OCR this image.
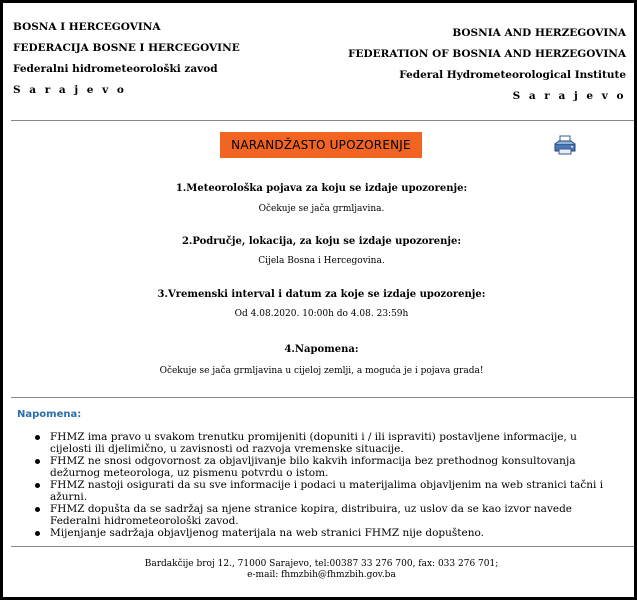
BOSNA I HERCEGOVINA
FEDERACIJA BOSNE I HERCEGOVINE
Federalni hidrometeorološki zavod
S a r a j e v o
BOSNIA AND HERZEGOVINA
FEDERATION OF BOSNIA AND HERZEGOVINA
Federal Hydrometeorological Institute
S a r a j e v o
NARANDŽASTO UPOZORENJE
1.Meteorološka pojava za koju se izdaje upozorenje:
Očekuje se jača grmljavina.
2.Područje, lokacija, za koju se izdaje upozorenje:
Cijela Bosna i Hercegovina.
3.Vremenski interval i datum za koje se izdaje upozorenje:
Od 4.08.2020. 10:00h do 4.08. 23:59h
4.Napomena:
Očekuje se jača grmljavina u cijeloj zemlji, a moguća je i pojava grada!
Napomena:
FHMZ ima pravo u svakom trenutku promijeniti (dopuniti i / ili ispraviti) postavljene informacije, u cijelosti ili djelimično, u zavisnosti od razvoja vremenske situacije.
FHMZ ne snosi odgovornost za objavljivanje bilo kakvih informacija bez prethodnog konsultovanja dežurnog meteorologa, uz pismenu potvrdu o istom.
FHMZ nastoji osigurati da su sve informacije i podaci u materijalima objavljenim na web stranici tačni i ažurni.
FHMZ dopušta da se sadržaj sa njene stranice kopira, distribuira, uz uslov da se kao izvor navede Federalni hidrometeorološki zavod.
Mijenjanje sadržaja objavljenog materijala na web stranici FHMZ nije dopušteno.
Bardakčije broj 12., 71000 Sarajevo, tel:00387 33 276 700, fax: 033 276 701;
e-mail: fhmzbih@fhmzbih.gov.ba
